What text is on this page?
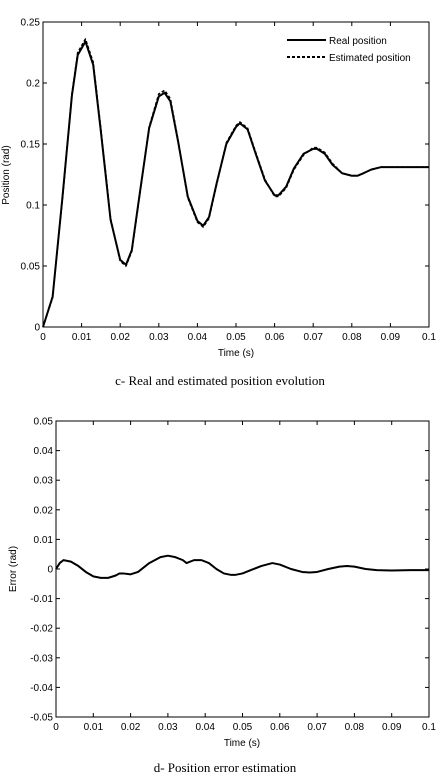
0	0.01 0.02 0.03 0.04 0.05 0.06 0.07 0.08 0.09 0.1
0
0.05
0.1
0.15
0.2
0.25
Time (s)
Position (rad)
Real position
Estimated position
c- Real and estimated position evolution
0 0.01 0.02 0.03 0.04 0.05 0.06 0.07 0.08 0.09 0.1
-0.05
-0.04
-0.03
-0.02
-0.01
0
0.01
0.02
0.03
0.04
0.05
Time (s)
Error (rad)
d- Position error estimation
